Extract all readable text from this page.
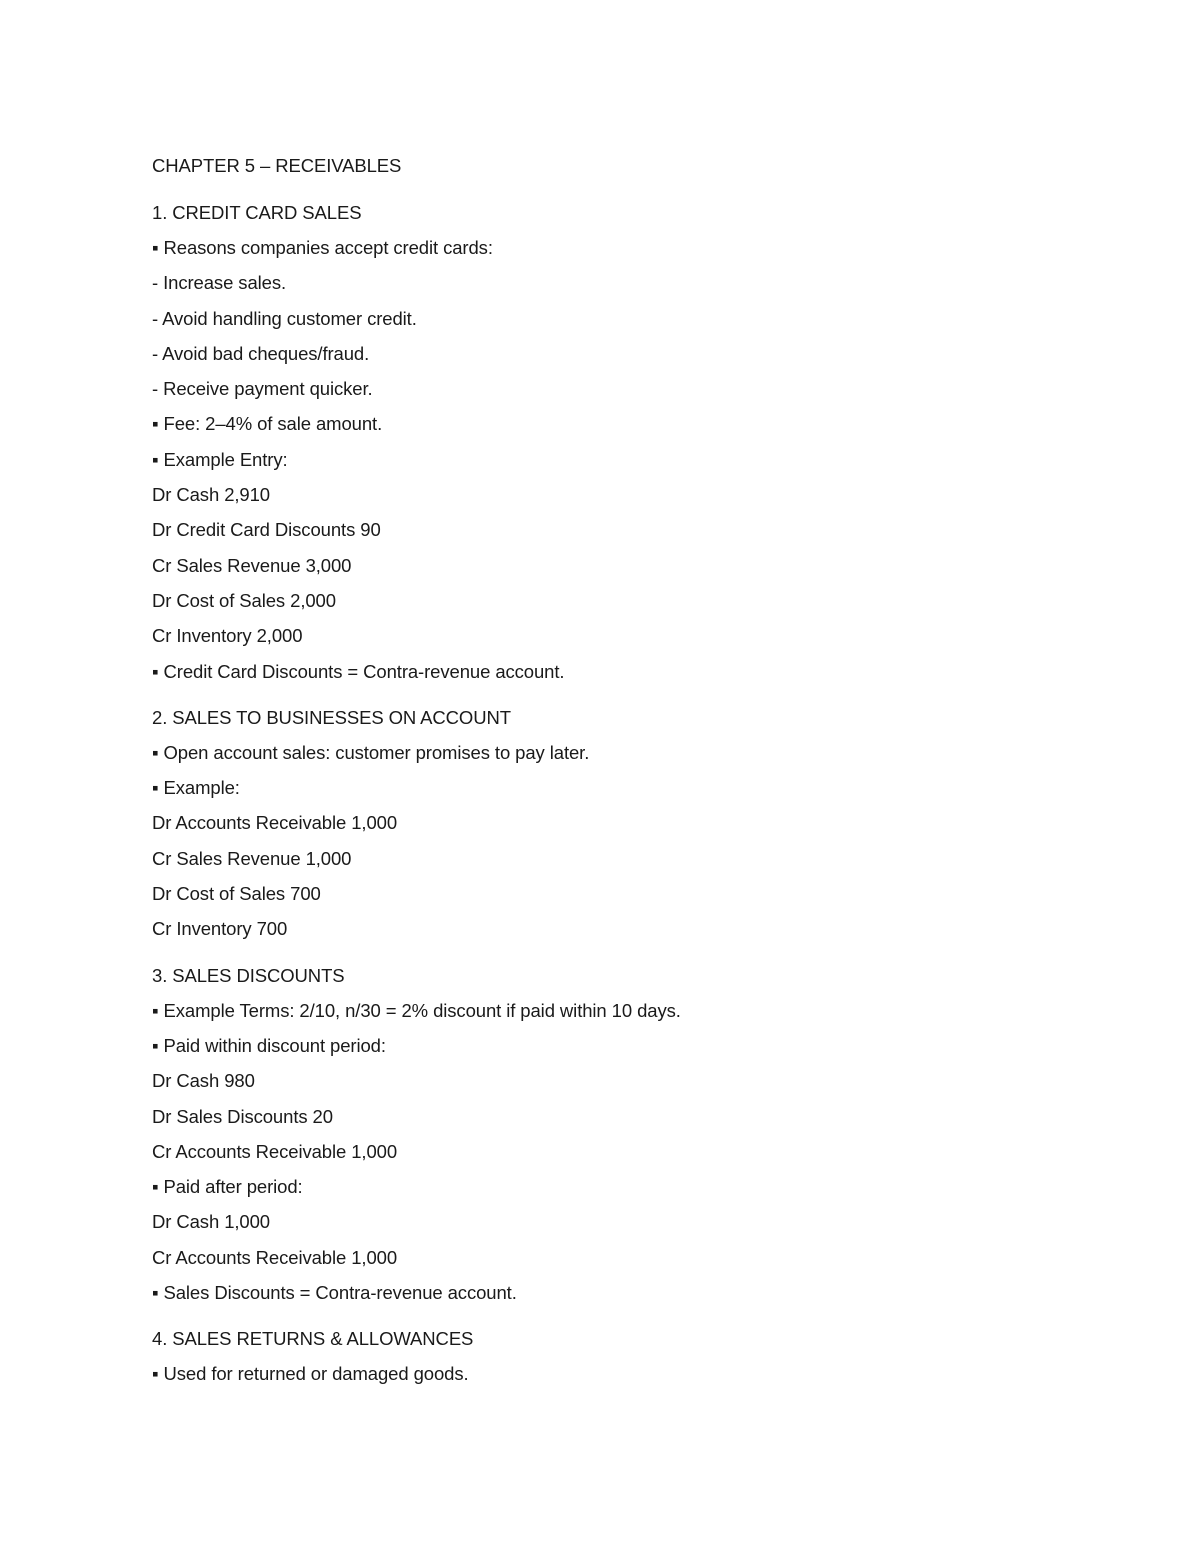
CHAPTER 5 – RECEIVABLES
1. CREDIT CARD SALES
▪ Reasons companies accept credit cards:
- Increase sales.
- Avoid handling customer credit.
- Avoid bad cheques/fraud.
- Receive payment quicker.
▪ Fee: 2–4% of sale amount.
▪ Example Entry:
Dr Cash 2,910
Dr Credit Card Discounts 90
Cr Sales Revenue 3,000
Dr Cost of Sales 2,000
Cr Inventory 2,000
▪ Credit Card Discounts = Contra-revenue account.
2. SALES TO BUSINESSES ON ACCOUNT
▪ Open account sales: customer promises to pay later.
▪ Example:
Dr Accounts Receivable 1,000
Cr Sales Revenue 1,000
Dr Cost of Sales 700
Cr Inventory 700
3. SALES DISCOUNTS
▪ Example Terms: 2/10, n/30 = 2% discount if paid within 10 days.
▪ Paid within discount period:
Dr Cash 980
Dr Sales Discounts 20
Cr Accounts Receivable 1,000
▪ Paid after period:
Dr Cash 1,000
Cr Accounts Receivable 1,000
▪ Sales Discounts = Contra-revenue account.
4. SALES RETURNS & ALLOWANCES
▪ Used for returned or damaged goods.
